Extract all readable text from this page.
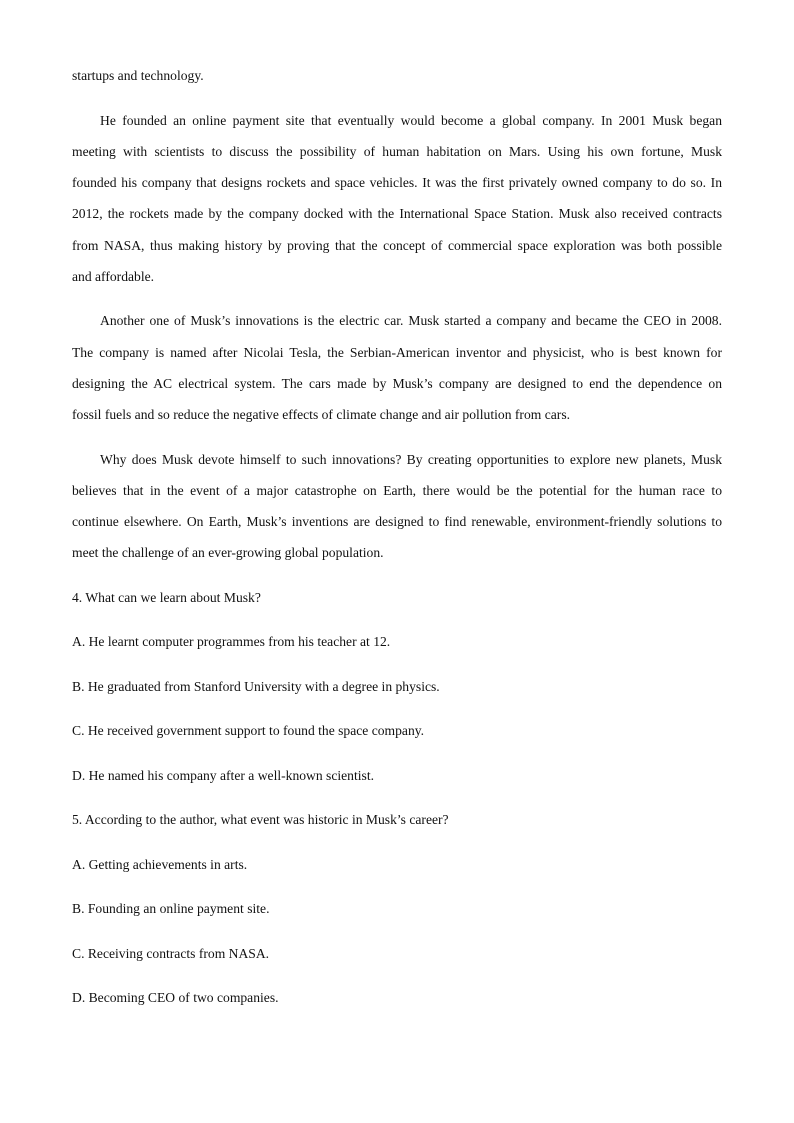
startups and technology.
He founded an online payment site that eventually would become a global company. In 2001 Musk began
meeting with scientists to discuss the possibility of human habitation on Mars. Using his own fortune, Musk
founded his company that designs rockets and space vehicles. It was the first privately owned company to do so. In
2012, the rockets made by the company docked with the International Space Station. Musk also received contracts
from NASA, thus making history by proving that the concept of commercial space exploration was both possible
and affordable.
Another one of Musk’s innovations is the electric car. Musk started a company and became the CEO in 2008.
The company is named after Nicolai Tesla, the Serbian-American inventor and physicist, who is best known for
designing the AC electrical system. The cars made by Musk’s company are designed to end the dependence on
fossil fuels and so reduce the negative effects of climate change and air pollution from cars.
Why does Musk devote himself to such innovations? By creating opportunities to explore new planets, Musk
believes that in the event of a major catastrophe on Earth, there would be the potential for the human race to
continue elsewhere. On Earth, Musk’s inventions are designed to find renewable, environment-friendly solutions to
meet the challenge of an ever-growing global population.
4. What can we learn about Musk?
A. He learnt computer programmes from his teacher at 12.
B. He graduated from Stanford University with a degree in physics.
C. He received government support to found the space company.
D. He named his company after a well-known scientist.
5. According to the author, what event was historic in Musk’s career?
A. Getting achievements in arts.
B. Founding an online payment site.
C. Receiving contracts from NASA.
D. Becoming CEO of two companies.
